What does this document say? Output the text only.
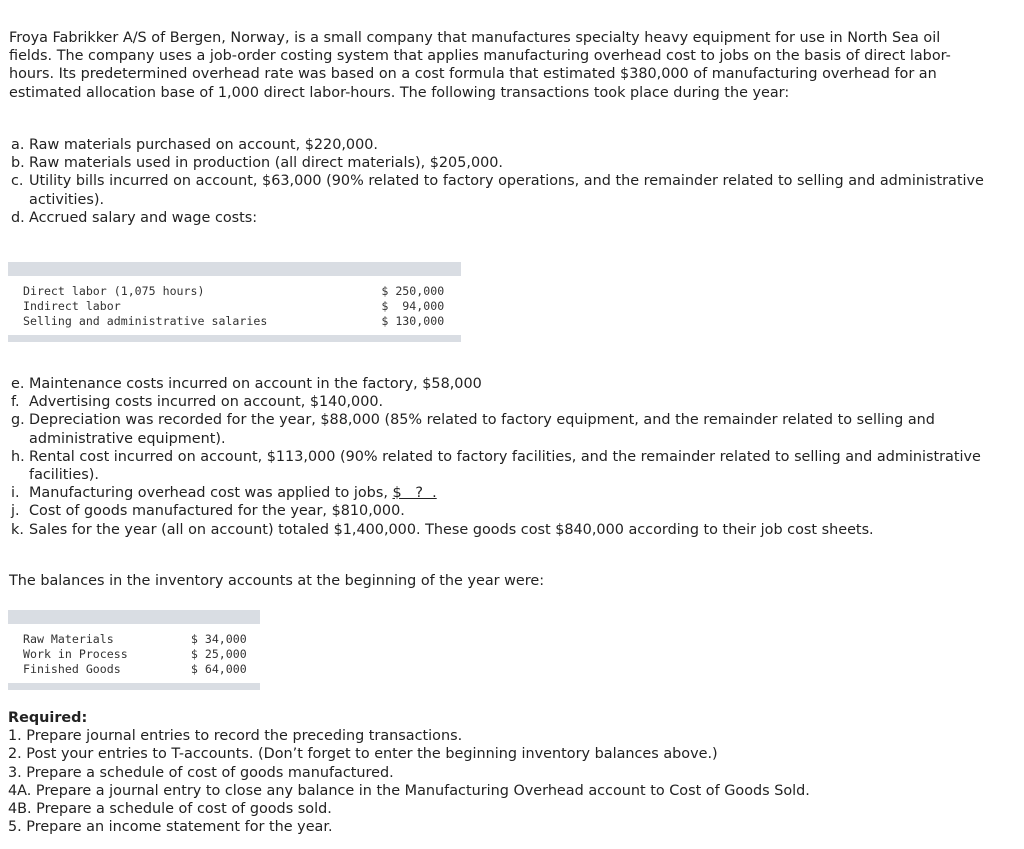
Froya Fabrikker A/S of Bergen, Norway, is a small company that manufactures specialty heavy equipment for use in North Sea oil fields. The company uses a job-order costing system that applies manufacturing overhead cost to jobs on the basis of direct labor-hours. Its predetermined overhead rate was based on a cost formula that estimated $380,000 of manufacturing overhead for an estimated allocation base of 1,000 direct labor-hours. The following transactions took place during the year:
a. Raw materials purchased on account, $220,000.
b. Raw materials used in production (all direct materials), $205,000.
c. Utility bills incurred on account, $63,000 (90% related to factory operations, and the remainder related to selling and administrative activities).
d. Accrued salary and wage costs:
Direct labor (1,075 hours)	$ 250,000
Indirect labor	$  94,000
Selling and administrative salaries	$ 130,000
e. Maintenance costs incurred on account in the factory, $58,000
f. Advertising costs incurred on account, $140,000.
g. Depreciation was recorded for the year, $88,000 (85% related to factory equipment, and the remainder related to selling and administrative equipment).
h. Rental cost incurred on account, $113,000 (90% related to factory facilities, and the remainder related to selling and administrative facilities).
i. Manufacturing overhead cost was applied to jobs, $   ?  .
j. Cost of goods manufactured for the year, $810,000.
k. Sales for the year (all on account) totaled $1,400,000. These goods cost $840,000 according to their job cost sheets.
The balances in the inventory accounts at the beginning of the year were:
Raw Materials	$ 34,000
Work in Process	$ 25,000
Finished Goods	$ 64,000
Required:
1. Prepare journal entries to record the preceding transactions.
2. Post your entries to T-accounts. (Don’t forget to enter the beginning inventory balances above.)
3. Prepare a schedule of cost of goods manufactured.
4A. Prepare a journal entry to close any balance in the Manufacturing Overhead account to Cost of Goods Sold.
4B. Prepare a schedule of cost of goods sold.
5. Prepare an income statement for the year.
